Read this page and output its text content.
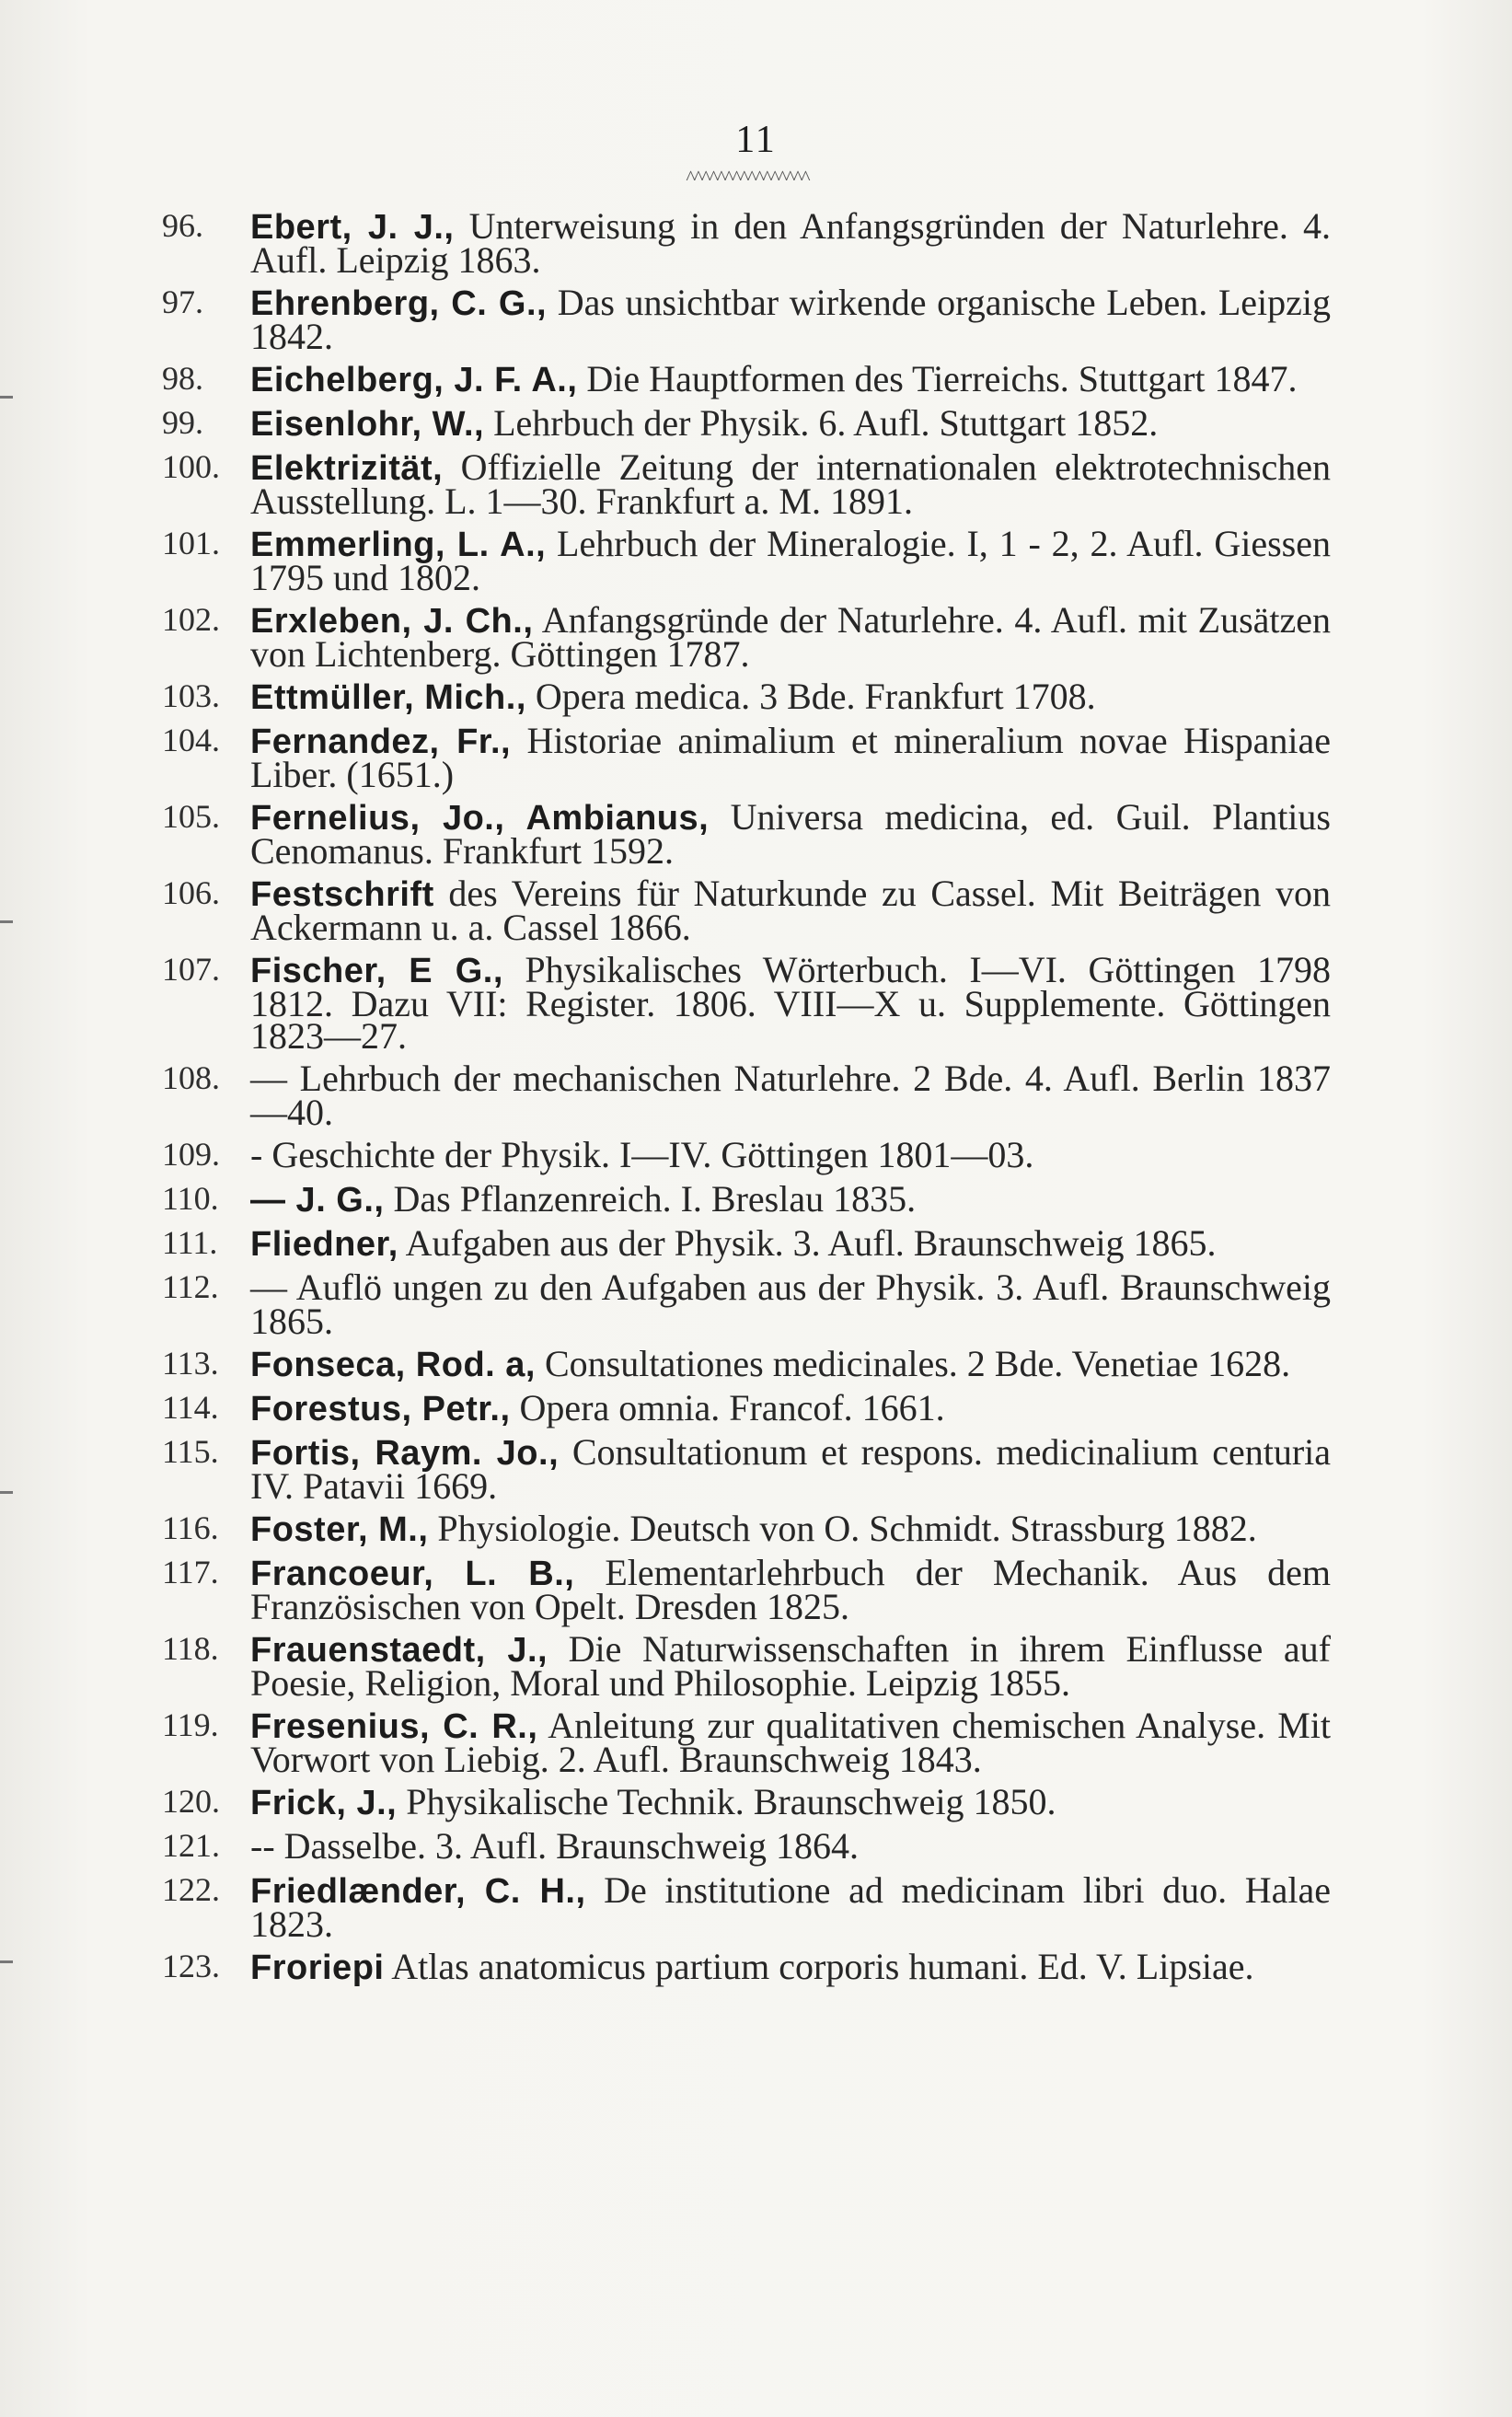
11
^^^^^^^^^^^^^^^^
96.	Ebert, J. J., Unterweisung in den Anfangsgründen der Naturlehre. 4. Aufl. Leipzig 1863.
97.	Ehrenberg, C. G., Das unsichtbar wirkende organische Leben. Leipzig 1842.
98.	Eichelberg, J. F. A., Die Hauptformen des Tierreichs. Stuttgart 1847.
99.	Eisenlohr, W., Lehrbuch der Physik. 6. Aufl. Stuttgart 1852.
100. Elektrizität, Offizielle Zeitung der internationalen elektrotechnischen Ausstellung. L. 1—30. Frankfurt a. M. 1891.
101. Emmerling, L. A., Lehrbuch der Mineralogie. I, 1 - 2, 2. Aufl. Giessen 1795 und 1802.
102. Erxleben, J. Ch., Anfangsgründe der Naturlehre. 4. Aufl. mit Zusätzen von Lichtenberg. Göttingen 1787.
103. Ettmüller, Mich., Opera medica. 3 Bde. Frankfurt 1708.
104. Fernandez, Fr., Historiae animalium et mineralium novae Hispaniae Liber. (1651.)
105. Fernelius, Jo., Ambianus, Universa medicina, ed. Guil. Plantius Cenomanus. Frankfurt 1592.
106. Festschrift des Vereins für Naturkunde zu Cassel. Mit Beiträgen von Ackermann u. a. Cassel 1866.
107. Fischer, E G., Physikalisches Wörterbuch. I—VI. Göttingen 1798 1812. Dazu VII: Register. 1806. VIII—X u. Supplemente. Göttingen 1823—27.
108. — Lehrbuch der mechanischen Naturlehre. 2 Bde. 4. Aufl. Berlin 1837—40.
109. - Geschichte der Physik. I—IV. Göttingen 1801—03.
110. — J. G., Das Pflanzenreich. I. Breslau 1835.
111. Fliedner, Aufgaben aus der Physik. 3. Aufl. Braunschweig 1865.
112. — Auflö ungen zu den Aufgaben aus der Physik. 3. Aufl. Braunschweig 1865.
113. Fonseca, Rod. a, Consultationes medicinales. 2 Bde. Venetiae 1628.
114. Forestus, Petr., Opera omnia. Francof. 1661.
115. Fortis, Raym. Jo., Consultationum et respons. medicinalium centuria IV. Patavii 1669.
116. Foster, M., Physiologie. Deutsch von O. Schmidt. Strassburg 1882.
117. Francoeur, L. B., Elementarlehrbuch der Mechanik. Aus dem Französischen von Opelt. Dresden 1825.
118. Frauenstaedt, J., Die Naturwissenschaften in ihrem Einflusse auf Poesie, Religion, Moral und Philosophie. Leipzig 1855.
119. Fresenius, C. R., Anleitung zur qualitativen chemischen Analyse. Mit Vorwort von Liebig. 2. Aufl. Braunschweig 1843.
120. Frick, J., Physikalische Technik. Braunschweig 1850.
121. -- Dasselbe. 3. Aufl. Braunschweig 1864.
122. Friedlænder, C. H., De institutione ad medicinam libri duo. Halae 1823.
123. Froriepi Atlas anatomicus partium corporis humani. Ed. V. Lipsiae.
